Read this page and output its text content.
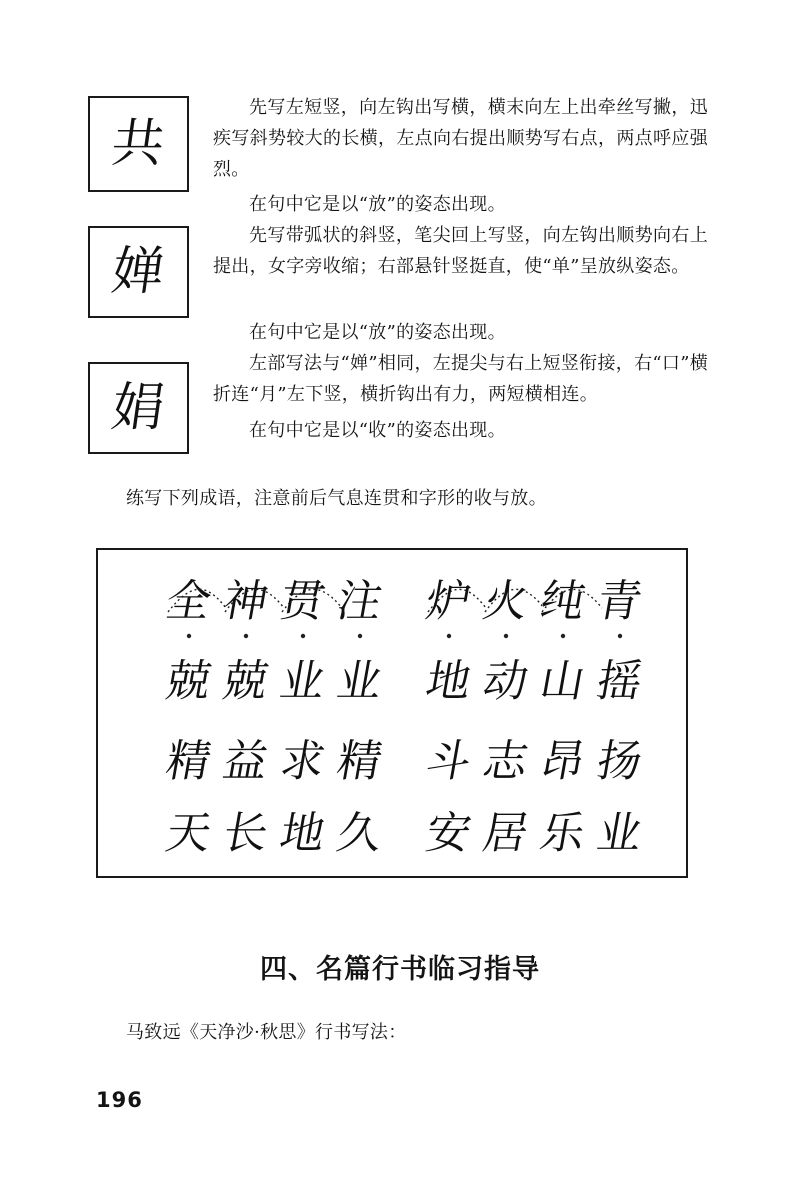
共
婵
娟

先写左短竖，向左钩出写横，横末向左上出牵丝写撇，迅疾写斜势较大的长横，左点向右提出顺势写右点，两点呼应强烈。

在句中它是以“放”的姿态出现。

先写带弧状的斜竖，笔尖回上写竖，向左钩出顺势向右上提出，女字旁收缩；右部悬针竖挺直，使“单”呈放纵姿态。

在句中它是以“放”的姿态出现。

左部写法与“婵”相同，左提尖与右上短竖衔接，右“口”横折连“月”左下竖，横折钩出有力，两短横相连。

在句中它是以“收”的姿态出现。

练写下列成语，注意前后气息连贯和字形的收与放。

全 神 贯 注
兢 兢 业 业
精 益 求 精
天 长 地 久
炉 火 纯 青
地 动 山 摇
斗 志 昂 扬
安 居 乐 业
四、名篇行书临习指导

马致远《天净沙·秋思》行书写法：

196
